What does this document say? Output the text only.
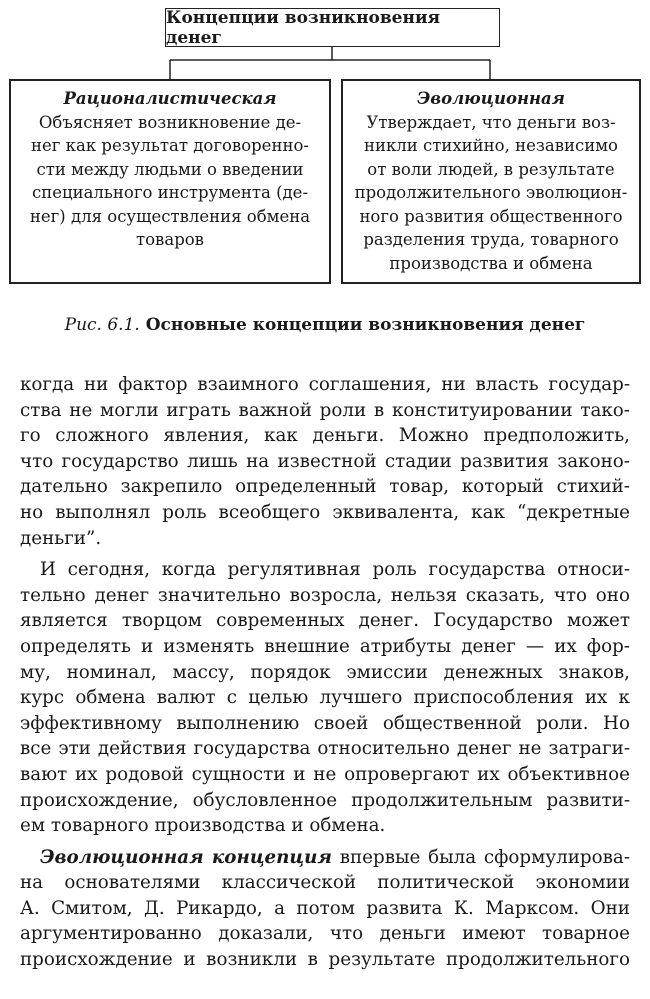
Концепции возникновения денег
Рационалистическая
Объясняет возникновение де-
нег как результат договоренно-
сти между людьми о введении
специального инструмента (де-
нег) для осуществления обмена
товаров
Эволюционная
Утверждает, что деньги воз-
никли стихийно, независимо
от воли людей, в результате
продолжительного эволюцион-
ного развития общественного
разделения труда, товарного
производства и обмена
Рис. 6.1. Основные концепции возникновения денег
когда ни фактор взаимного соглашения, ни власть государ-
ства не могли играть важной роли в конституировании тако-
го сложного явления, как деньги. Можно предположить,
что государство лишь на известной стадии развития законо-
дательно закрепило определенный товар, который стихий-
но выполнял роль всеобщего эквивалента, как “декретные
деньги”.
И сегодня, когда регулятивная роль государства относи-
тельно денег значительно возросла, нельзя сказать, что оно
является творцом современных денег. Государство может
определять и изменять внешние атрибуты денег — их фор-
му, номинал, массу, порядок эмиссии денежных знаков,
курс обмена валют с целью лучшего приспособления их к
эффективному выполнению своей общественной роли. Но
все эти действия государства относительно денег не затраги-
вают их родовой сущности и не опровергают их объективное
происхождение, обусловленное продолжительным развити-
ем товарного производства и обмена.
Эволюционная концепция впервые была сформулирова-
на основателями классической политической экономии
А. Смитом, Д. Рикардо, а потом развита К. Марксом. Они
аргументированно доказали, что деньги имеют товарное
происхождение и возникли в результате продолжительного
